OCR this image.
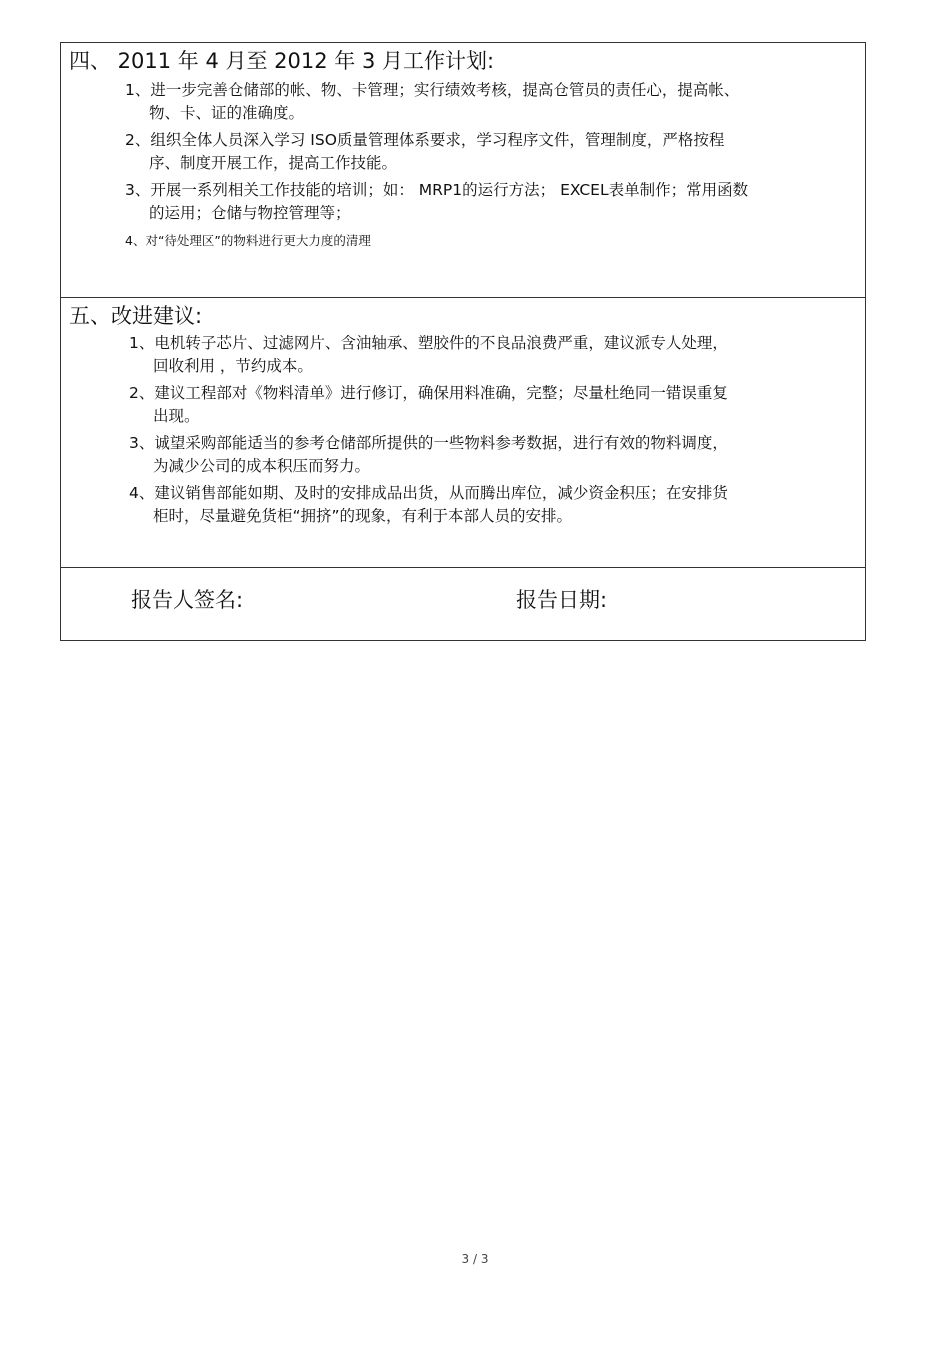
四、 2011 年 4 月至 2012 年 3 月工作计划:
1、进一步完善仓储部的帐、物、卡管理；实行绩效考核，提高仓管员的责任心，提高帐、
物、卡、证的准确度。
2、组织全体人员深入学习 ISO质量管理体系要求，学习程序文件，管理制度，严格按程
序、制度开展工作，提高工作技能。
3、开展一系列相关工作技能的培训；如： MRP1的运行方法； EXCEL表单制作；常用函数
的运用；仓储与物控管理等；
4、对“待处理区”的物料进行更大力度的清理
五、改进建议:
1、电机转子芯片、过滤网片、含油轴承、塑胶件的不良品浪费严重，建议派专人处理，
回收利用 ，节约成本。
2、建议工程部对《物料清单》进行修订，确保用料准确，完整；尽量杜绝同一错误重复
出现。
3、诚望采购部能适当的参考仓储部所提供的一些物料参考数据，进行有效的物料调度，
为减少公司的成本积压而努力。
4、建议销售部能如期、及时的安排成品出货，从而腾出库位，减少资金积压；在安排货
柜时，尽量避免货柜“拥挤”的现象，有利于本部人员的安排。
报告人签名:	报告日期:
3 / 3
